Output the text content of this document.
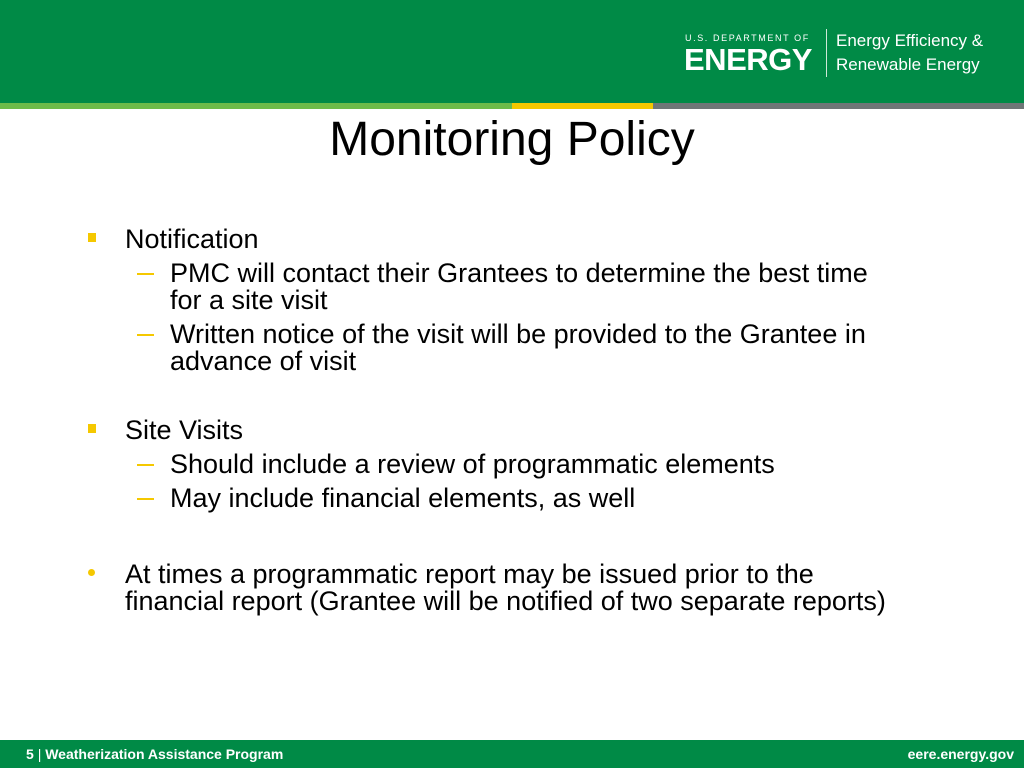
U.S. DEPARTMENT OF
ENERGY
Energy Efficiency &
Renewable Energy
Monitoring Policy
Notification
PMC will contact their Grantees to determine the best time
for a site visit
Written notice of the visit will be provided to the Grantee in
advance of visit
Site Visits
Should include a review of programmatic elements
May include financial elements, as well
At times a programmatic report may be issued prior to the
financial report (Grantee will be notified of two separate reports)
5 | Weatherization Assistance Program	eere.energy.gov
